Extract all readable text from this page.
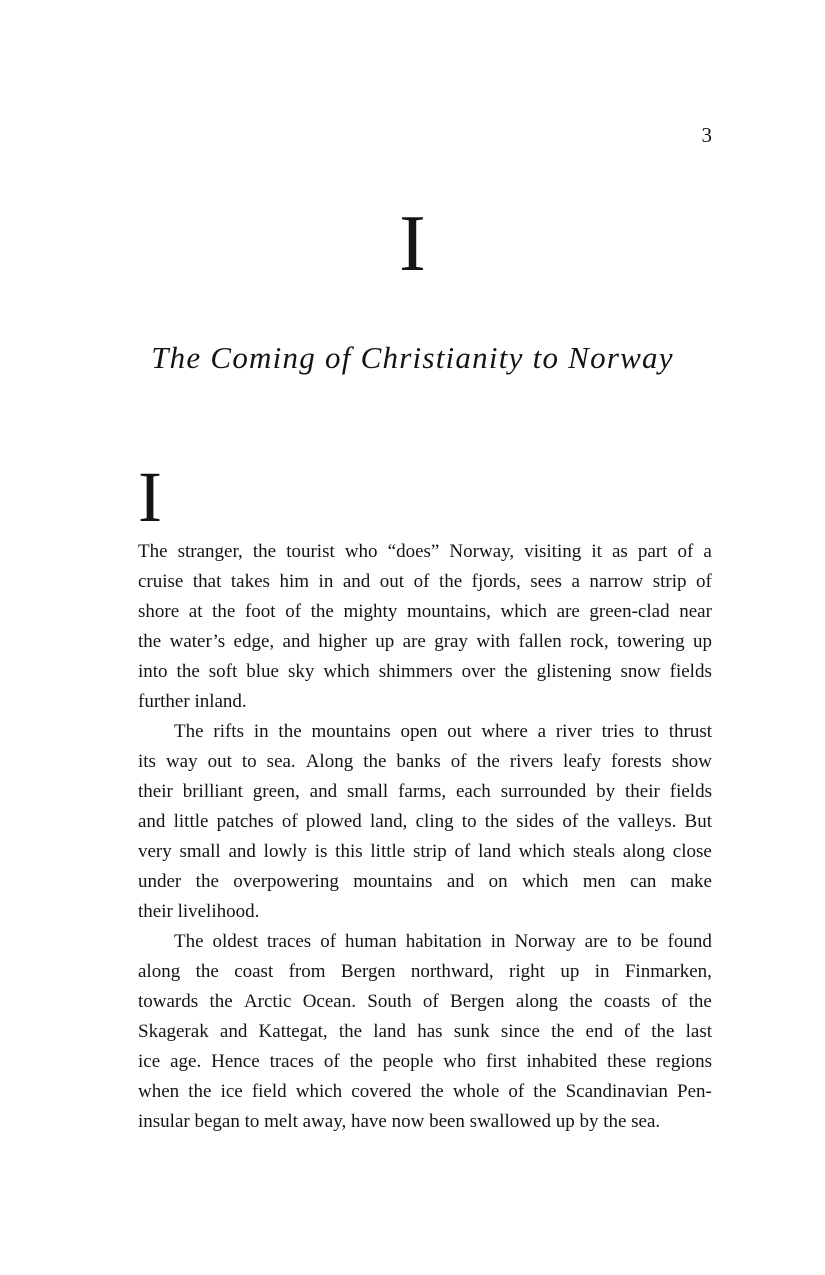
3
I
The Coming of Christianity to Norway
I
The stranger, the tourist who “does” Norway, visiting it as part of a
cruise that takes him in and out of the fjords, sees a narrow strip of
shore at the foot of the mighty mountains, which are green-clad near
the water’s edge, and higher up are gray with fallen rock, towering up
into the soft blue sky which shimmers over the glistening snow fields
further inland.
The rifts in the mountains open out where a river tries to thrust
its way out to sea. Along the banks of the rivers leafy forests show
their brilliant green, and small farms, each surrounded by their fields
and little patches of plowed land, cling to the sides of the valleys. But
very small and lowly is this little strip of land which steals along close
under the overpowering mountains and on which men can make
their livelihood.
The oldest traces of human habitation in Norway are to be found
along the coast from Bergen northward, right up in Finmarken,
towards the Arctic Ocean. South of Bergen along the coasts of the
Skagerak and Kattegat, the land has sunk since the end of the last
ice age. Hence traces of the people who first inhabited these regions
when the ice field which covered the whole of the Scandinavian Pen-
insular began to melt away, have now been swallowed up by the sea.
